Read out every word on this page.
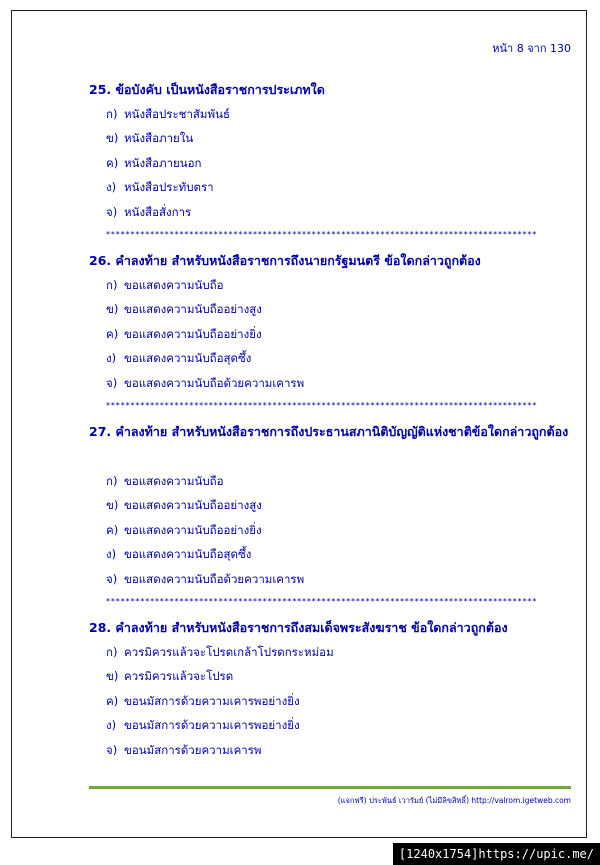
หน้า 8 จาก 130
25. ข้อบังคับ เป็นหนังสือราชการประเภทใด
ก) หนังสือประชาสัมพันธ์
ข) หนังสือภายใน
ค) หนังสือภายนอก
ง) หนังสือประทับตรา
จ) หนังสือสั่งการ
****************************************************************************************
26. คำลงท้าย สำหรับหนังสือราชการถึงนายกรัฐมนตรี ข้อใดกล่าวถูกต้อง
ก) ขอแสดงความนับถือ
ข) ขอแสดงความนับถืออย่างสูง
ค) ขอแสดงความนับถืออย่างยิ่ง
ง) ขอแสดงความนับถือสุดซึ้ง
จ) ขอแสดงความนับถือด้วยความเคารพ
****************************************************************************************
27. คำลงท้าย สำหรับหนังสือราชการถึงประธานสภานิติบัญญัติแห่งชาติข้อใดกล่าวถูกต้อง
ก) ขอแสดงความนับถือ
ข) ขอแสดงความนับถืออย่างสูง
ค) ขอแสดงความนับถืออย่างยิ่ง
ง) ขอแสดงความนับถือสุดซึ้ง
จ) ขอแสดงความนับถือด้วยความเคารพ
****************************************************************************************
28. คำลงท้าย สำหรับหนังสือราชการถึงสมเด็จพระสังฆราช ข้อใดกล่าวถูกต้อง
ก) ควรมิควรแล้วจะโปรดเกล้าโปรดกระหม่อม
ข) ควรมิควรแล้วจะโปรด
ค) ขอนมัสการด้วยความเคารพอย่างยิ่ง
ง) ขอนมัสการด้วยความเคารพอย่างยิ่ง
จ) ขอนมัสการด้วยความเคารพ
(แจกฟรี) ประพันธ์ เวารัมย์ (ไม่มีลิขสิทธิ์) http://valrom.igetweb.com
[1240x1754]https://upic.me/
